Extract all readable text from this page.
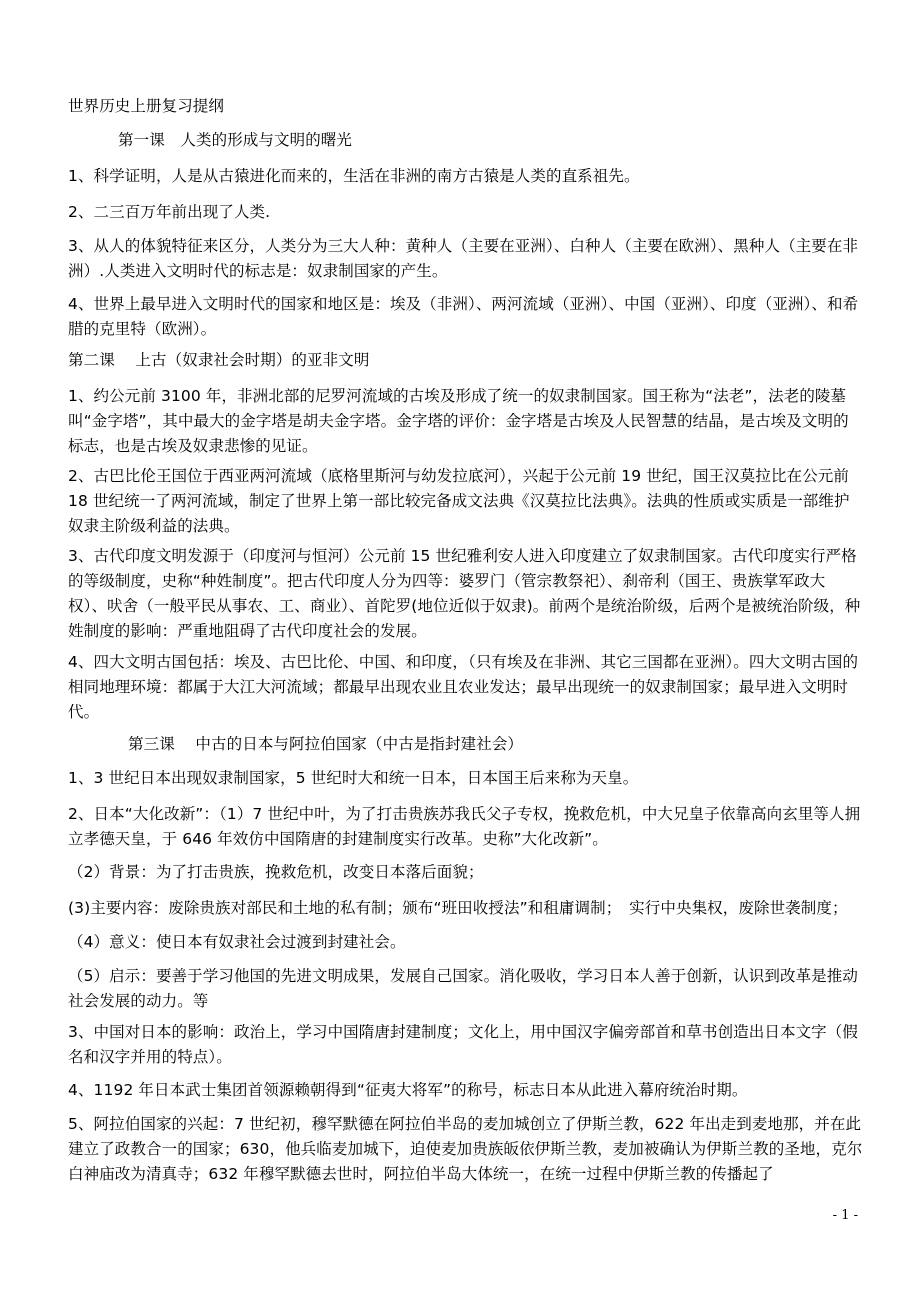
世界历史上册复习提纲

第一课　人类的形成与文明的曙光

1、科学证明，人是从古猿进化而来的，生活在非洲的南方古猿是人类的直系祖先。

2、二三百万年前出现了人类.

3、从人的体貌特征来区分，人类分为三大人种：黄种人（主要在亚洲）、白种人（主要在欧洲）、黑种人（主要在非洲）.人类进入文明时代的标志是：奴隶制国家的产生。

4、世界上最早进入文明时代的国家和地区是：埃及（非洲）、两河流域（亚洲）、中国（亚洲）、印度（亚洲）、和希腊的克里特（欧洲）。

第二课　 上古（奴隶社会时期）的亚非文明

1、约公元前 3100 年，非洲北部的尼罗河流域的古埃及形成了统一的奴隶制国家。国王称为“法老”，法老的陵墓叫“金字塔”，其中最大的金字塔是胡夫金字塔。金字塔的评价：金字塔是古埃及人民智慧的结晶，是古埃及文明的标志，也是古埃及奴隶悲惨的见证。

2、古巴比伦王国位于西亚两河流域（底格里斯河与幼发拉底河），兴起于公元前 19 世纪，国王汉莫拉比在公元前 18 世纪统一了两河流域，制定了世界上第一部比较完备成文法典《汉莫拉比法典》。法典的性质或实质是一部维护奴隶主阶级利益的法典。

3、古代印度文明发源于（印度河与恒河）公元前 15 世纪雅利安人进入印度建立了奴隶制国家。古代印度实行严格的等级制度，史称“种姓制度”。把古代印度人分为四等：婆罗门（管宗教祭祀）、刹帝利（国王、贵族掌军政大权）、吠舍（一般平民从事农、工、商业）、首陀罗(地位近似于奴隶)。前两个是统治阶级，后两个是被统治阶级，种姓制度的影响：严重地阻碍了古代印度社会的发展。

4、四大文明古国包括：埃及、古巴比伦、中国、和印度，（只有埃及在非洲、其它三国都在亚洲）。四大文明古国的相同地理环境：都属于大江大河流域；都最早出现农业且农业发达；最早出现统一的奴隶制国家；最早进入文明时代。

第三课　 中古的日本与阿拉伯国家（中古是指封建社会）

1、3 世纪日本出现奴隶制国家，5 世纪时大和统一日本，日本国王后来称为天皇。

2、日本“大化改新”：（1）7 世纪中叶，为了打击贵族苏我氏父子专权，挽救危机，中大兄皇子依靠高向玄里等人拥立孝德天皇，于 646 年效仿中国隋唐的封建制度实行改革。史称”大化改新”。

（2）背景：为了打击贵族，挽救危机，改变日本落后面貌；

(3)主要内容：废除贵族对部民和土地的私有制；颁布“班田收授法”和租庸调制；　实行中央集权，废除世袭制度；

（4）意义：使日本有奴隶社会过渡到封建社会。

（5）启示：要善于学习他国的先进文明成果，发展自己国家。消化吸收，学习日本人善于创新，认识到改革是推动社会发展的动力。等

3、中国对日本的影响：政治上，学习中国隋唐封建制度；文化上，用中国汉字偏旁部首和草书创造出日本文字（假名和汉字并用的特点）。

4、1192 年日本武士集团首领源赖朝得到“征夷大将军”的称号，标志日本从此进入幕府统治时期。

5、阿拉伯国家的兴起：7 世纪初，穆罕默德在阿拉伯半岛的麦加城创立了伊斯兰教，622 年出走到麦地那，并在此建立了政教合一的国家；630，他兵临麦加城下，迫使麦加贵族皈依伊斯兰教，麦加被确认为伊斯兰教的圣地，克尔白神庙改为清真寺；632 年穆罕默德去世时，阿拉伯半岛大体统一，在统一过程中伊斯兰教的传播起了

- 1 -
